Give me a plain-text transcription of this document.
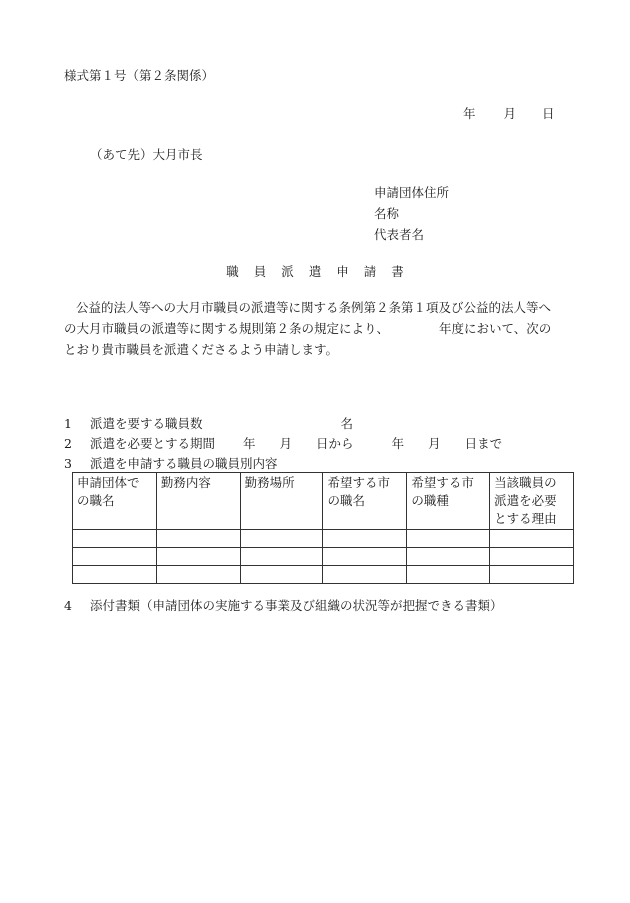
様式第１号（第２条関係）
年 月 日
（あて先）大月市長
申請団体住所
名称
代表者名
職員派遣申請書
公益的法人等への大月市職員の派遣等に関する条例第２条第１項及び公益的法人等へ
の大月市職員の派遣等に関する規則第２条の規定により、	年度において、次の
とおり貴市職員を派遣くださるよう申請します。
1 派遣を要する職員数	名
2 派遣を必要とする期間 年 月 日から	年 月 日まで
3 派遣を申請する職員の職員別内容
申請団体での職名	勤務内容	勤務場所	希望する市の職名	希望する市の職種	当該職員の派遣を必要とする理由

4 添付書類（申請団体の実施する事業及び組織の状況等が把握できる書類）
